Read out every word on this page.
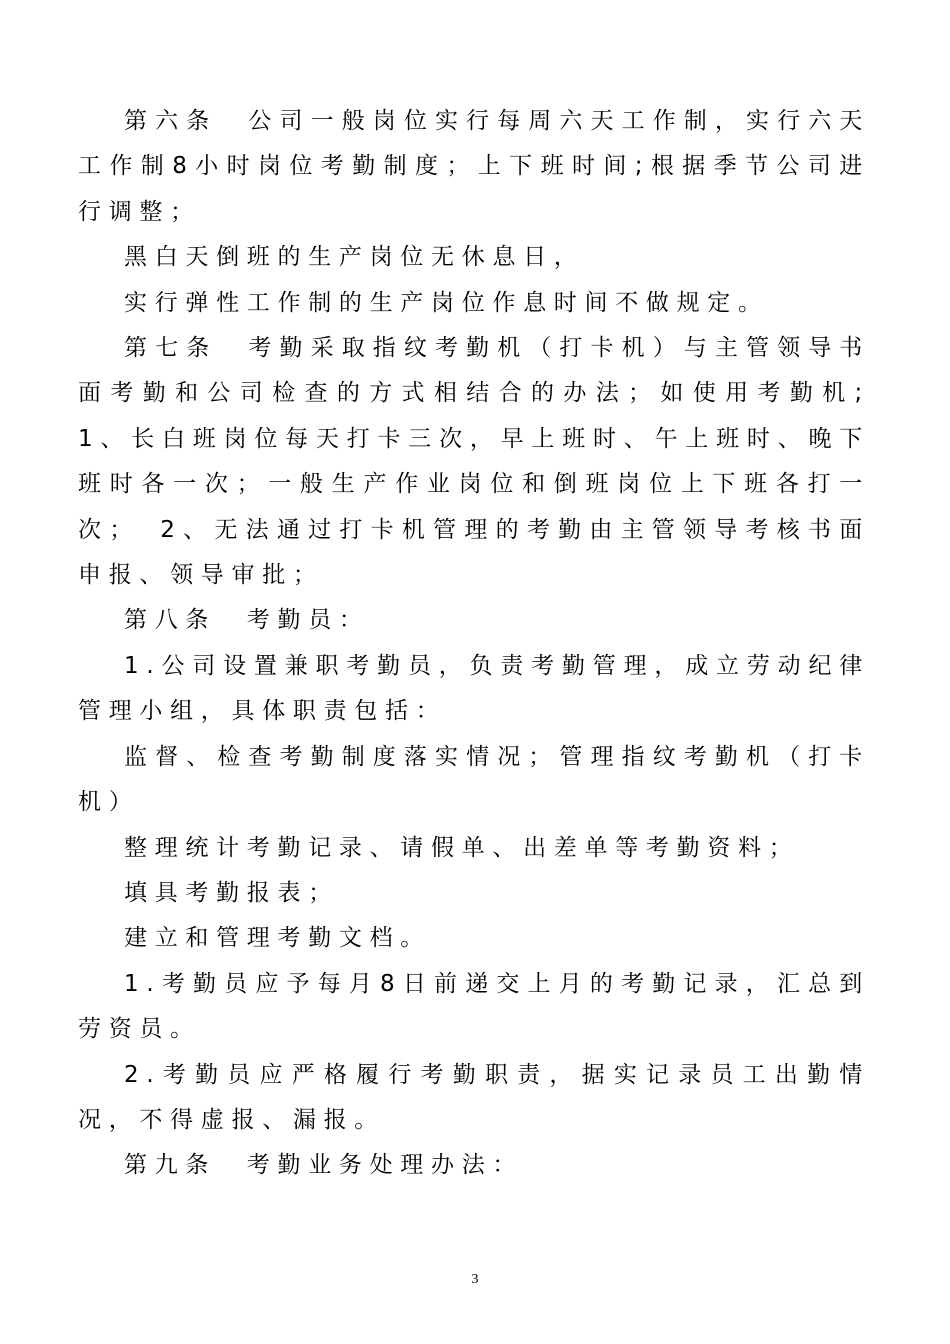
第六条　公司一般岗位实行每周六天工作制，实行六天工作制8小时岗位考勤制度；上下班时间;根据季节公司进行调整；

黑白天倒班的生产岗位无休息日，

实行弹性工作制的生产岗位作息时间不做规定。

第七条　考勤采取指纹考勤机（打卡机）与主管领导书面考勤和公司检查的方式相结合的办法；如使用考勤机;1、长白班岗位每天打卡三次，早上班时、午上班时、晚下班时各一次；一般生产作业岗位和倒班岗位上下班各打一次；　2、无法通过打卡机管理的考勤由主管领导考核书面申报、领导审批；

第八条　考勤员：

1.公司设置兼职考勤员，负责考勤管理，成立劳动纪律管理小组，具体职责包括：

监督、检查考勤制度落实情况；管理指纹考勤机（打卡机）

整理统计考勤记录、请假单、出差单等考勤资料；

填具考勤报表；

建立和管理考勤文档。

1.考勤员应予每月8日前递交上月的考勤记录，汇总到劳资员。

2.考勤员应严格履行考勤职责，据实记录员工出勤情况，不得虚报、漏报。

第九条　考勤业务处理办法：

3
